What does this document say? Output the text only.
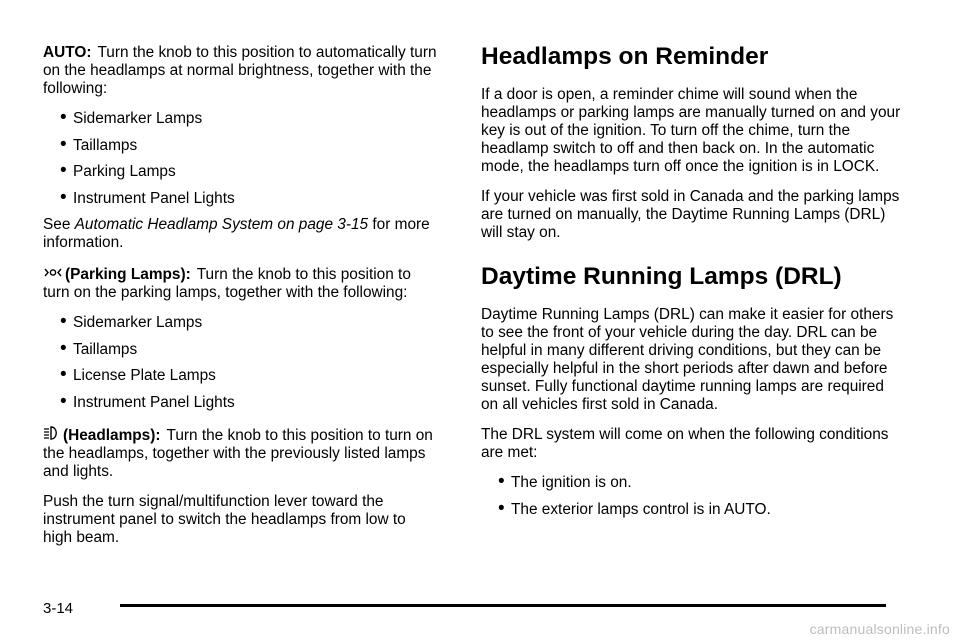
AUTO: Turn the knob to this position to automatically turn on the headlamps at normal brightness, together with the following:

• Sidemarker Lamps
• Taillamps
• Parking Lamps
• Instrument Panel Lights

See Automatic Headlamp System on page 3-15 for more information.

(Parking Lamps): Turn the knob to this position to turn on the parking lamps, together with the following:

• Sidemarker Lamps
• Taillamps
• License Plate Lamps
• Instrument Panel Lights

(Headlamps): Turn the knob to this position to turn on the headlamps, together with the previously listed lamps and lights.

Push the turn signal/multifunction lever toward the instrument panel to switch the headlamps from low to high beam.

Headlamps on Reminder

If a door is open, a reminder chime will sound when the headlamps or parking lamps are manually turned on and your key is out of the ignition. To turn off the chime, turn the headlamp switch to off and then back on. In the automatic mode, the headlamps turn off once the ignition is in LOCK.

If your vehicle was first sold in Canada and the parking lamps are turned on manually, the Daytime Running Lamps (DRL) will stay on.

Daytime Running Lamps (DRL)

Daytime Running Lamps (DRL) can make it easier for others to see the front of your vehicle during the day. DRL can be helpful in many different driving conditions, but they can be especially helpful in the short periods after dawn and before sunset. Fully functional daytime running lamps are required on all vehicles first sold in Canada.

The DRL system will come on when the following conditions are met:

• The ignition is on.
• The exterior lamps control is in AUTO.
3-14
carmanualsonline.info
